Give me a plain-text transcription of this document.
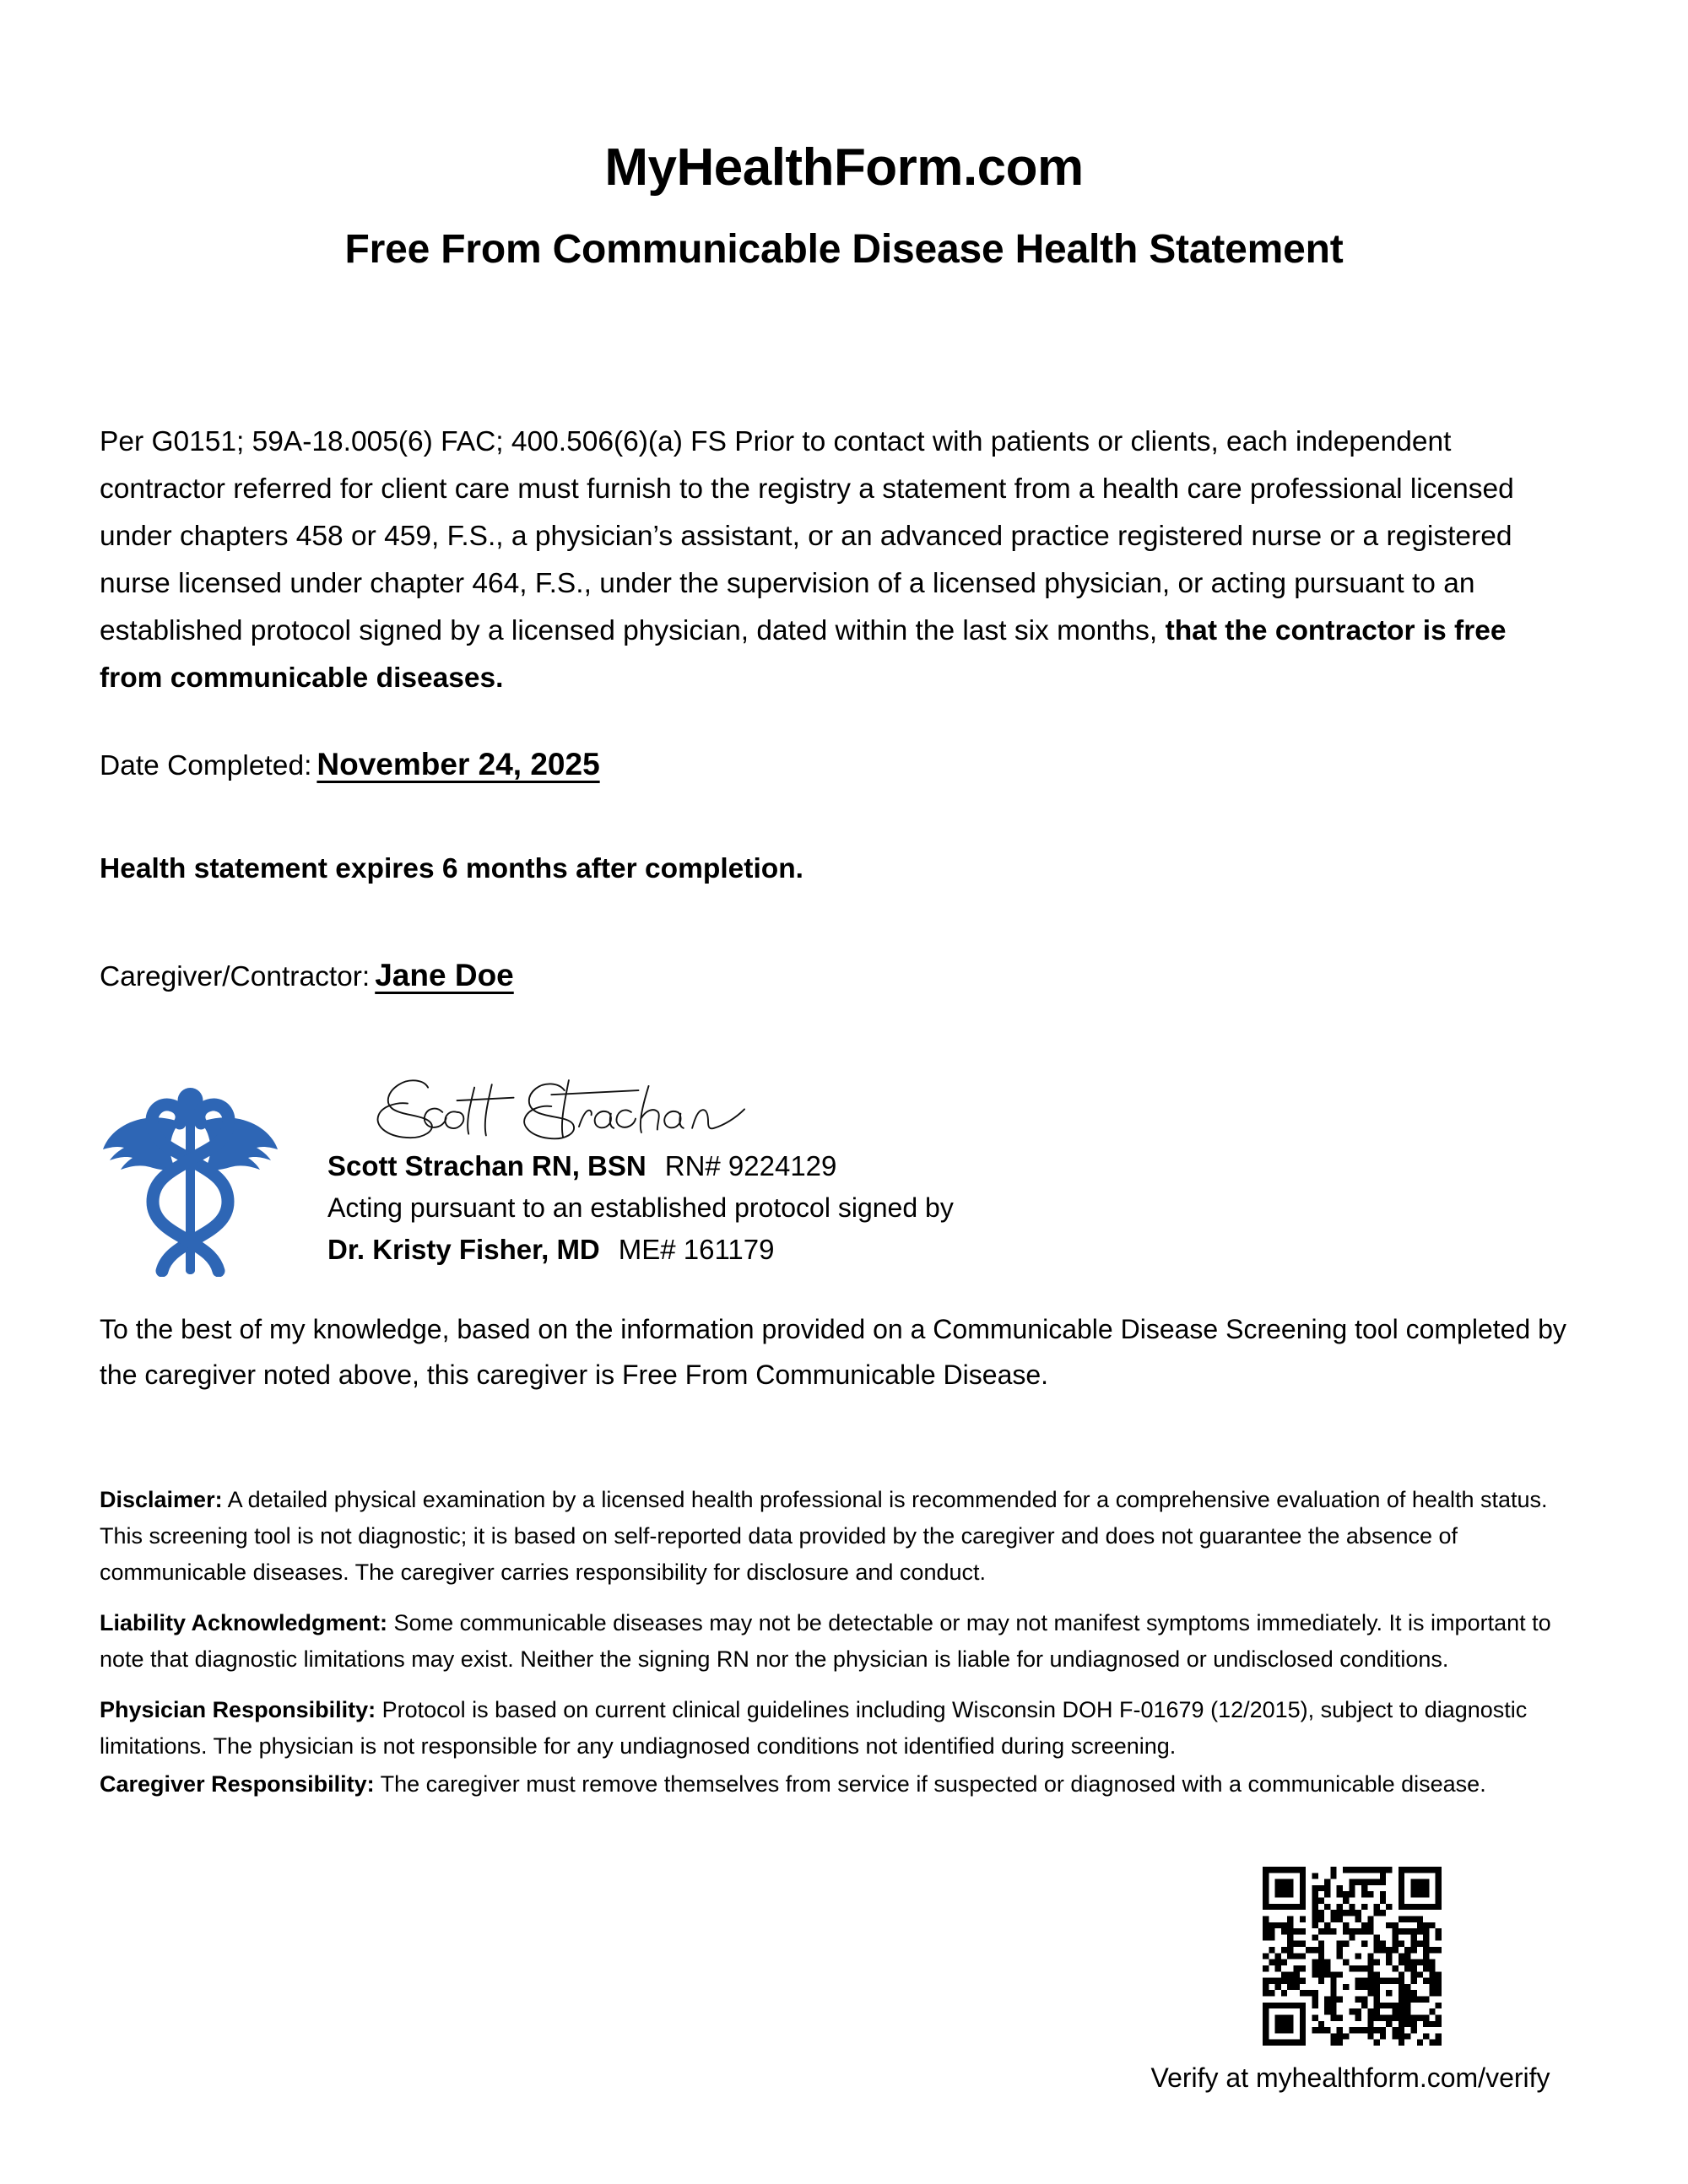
MyHealthForm.com
Free From Communicable Disease Health Statement

Per G0151; 59A-18.005(6) FAC; 400.506(6)(a) FS Prior to contact with patients or clients, each independent contractor referred for client care must furnish to the registry a statement from a health care professional licensed under chapters 458 or 459, F.S., a physician’s assistant, or an advanced practice registered nurse or a registered nurse licensed under chapter 464, F.S., under the supervision of a licensed physician, or acting pursuant to an established protocol signed by a licensed physician, dated within the last six months, that the contractor is free from communicable diseases.

Date Completed: November 24, 2025
Health statement expires 6 months after completion.
Caregiver/Contractor: Jane Doe
Scott Strachan RN, BSN RN# 9224129
Acting pursuant to an established protocol signed by
Dr. Kristy Fisher, MD ME# 161179

To the best of my knowledge, based on the information provided on a Communicable Disease Screening tool completed by the caregiver noted above, this caregiver is Free From Communicable Disease.

Disclaimer: A detailed physical examination by a licensed health professional is recommended for a comprehensive evaluation of health status. This screening tool is not diagnostic; it is based on self-reported data provided by the caregiver and does not guarantee the absence of communicable diseases. The caregiver carries responsibility for disclosure and conduct.

Liability Acknowledgment: Some communicable diseases may not be detectable or may not manifest symptoms immediately. It is important to note that diagnostic limitations may exist. Neither the signing RN nor the physician is liable for undiagnosed or undisclosed conditions.

Physician Responsibility: Protocol is based on current clinical guidelines including Wisconsin DOH F-01679 (12/2015), subject to diagnostic limitations. The physician is not responsible for any undiagnosed conditions not identified during screening.

Caregiver Responsibility: The caregiver must remove themselves from service if suspected or diagnosed with a communicable disease.

Verify at myhealthform.com/verify
